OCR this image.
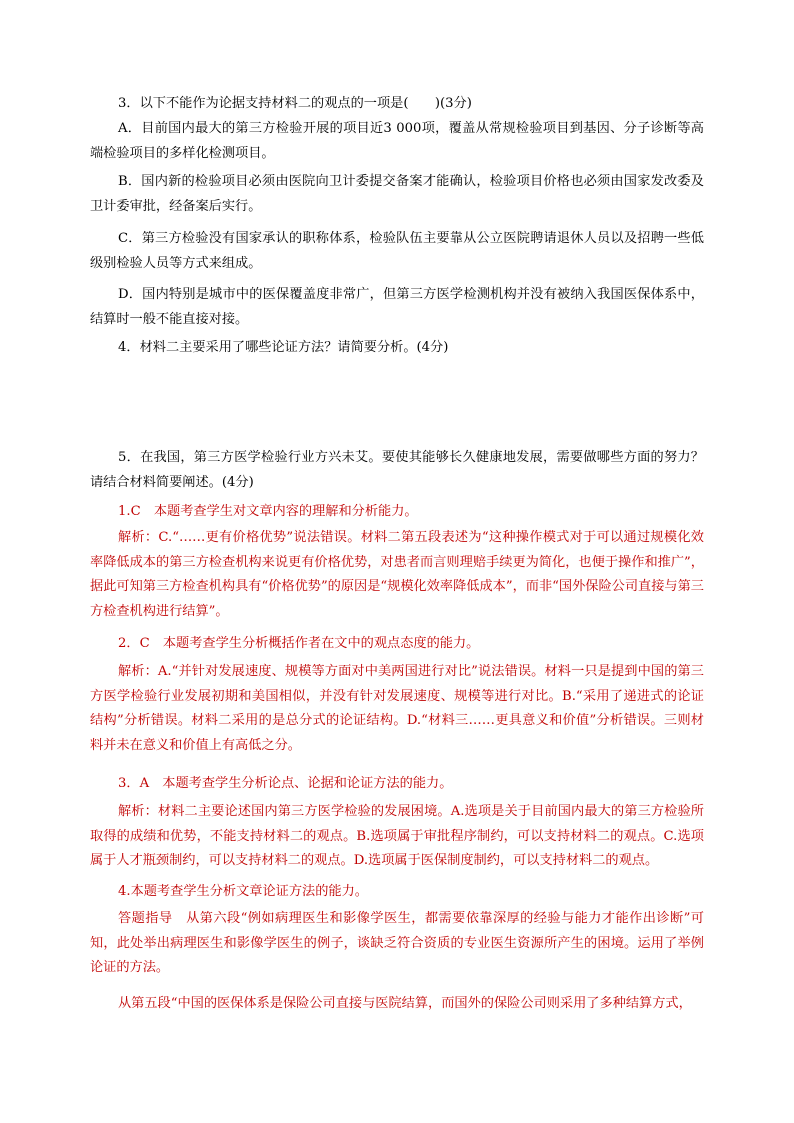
3．以下不能作为论据支持材料二的观点的一项是(　　)(3分)

A．目前国内最大的第三方检验开展的项目近3 000项，覆盖从常规检验项目到基因、分子诊断等高端检验项目的多样化检测项目。

B．国内新的检验项目必须由医院向卫计委提交备案才能确认，检验项目价格也必须由国家发改委及卫计委审批，经备案后实行。

C．第三方检验没有国家承认的职称体系，检验队伍主要靠从公立医院聘请退休人员以及招聘一些低级别检验人员等方式来组成。

D．国内特别是城市中的医保覆盖度非常广，但第三方医学检测机构并没有被纳入我国医保体系中，结算时一般不能直接对接。

4．材料二主要采用了哪些论证方法？请简要分析。(4分)

5．在我国，第三方医学检验行业方兴未艾。要使其能够长久健康地发展，需要做哪些方面的努力？请结合材料简要阐述。(4分)

1.C　本题考查学生对文章内容的理解和分析能力。

解析：C.“……更有价格优势”说法错误。材料二第五段表述为“这种操作模式对于可以通过规模化效率降低成本的第三方检查机构来说更有价格优势，对患者而言则理赔手续更为简化，也便于操作和推广”，据此可知第三方检查机构具有“价格优势”的原因是“规模化效率降低成本”，而非“国外保险公司直接与第三方检查机构进行结算”。

2．C　本题考查学生分析概括作者在文中的观点态度的能力。

解析：A.“并针对发展速度、规模等方面对中美两国进行对比”说法错误。材料一只是提到中国的第三方医学检验行业发展初期和美国相似，并没有针对发展速度、规模等进行对比。B.“采用了递进式的论证结构”分析错误。材料二采用的是总分式的论证结构。D.“材料三……更具意义和价值”分析错误。三则材料并未在意义和价值上有高低之分。

3．A　本题考查学生分析论点、论据和论证方法的能力。

解析：材料二主要论述国内第三方医学检验的发展困境。A.选项是关于目前国内最大的第三方检验所取得的成绩和优势，不能支持材料二的观点。B.选项属于审批程序制约，可以支持材料二的观点。C.选项属于人才瓶颈制约，可以支持材料二的观点。D.选项属于医保制度制约，可以支持材料二的观点。

4.本题考查学生分析文章论证方法的能力。

答题指导　从第六段“例如病理医生和影像学医生，都需要依靠深厚的经验与能力才能作出诊断”可知，此处举出病理医生和影像学医生的例子，谈缺乏符合资质的专业医生资源所产生的困境。运用了举例论证的方法。

从第五段“中国的医保体系是保险公司直接与医院结算，而国外的保险公司则采用了多种结算方式，
